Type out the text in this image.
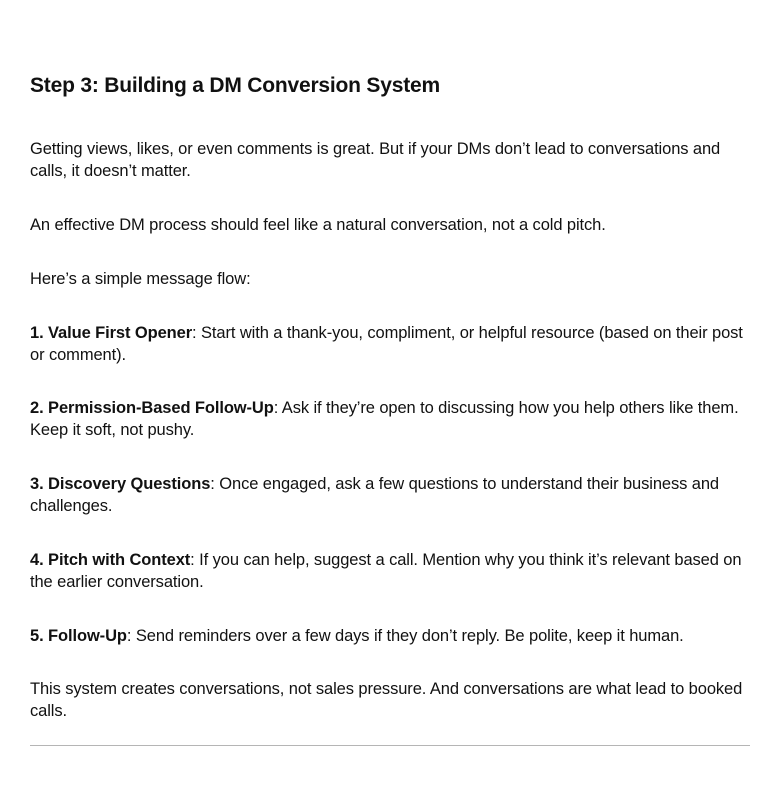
Step 3: Building a DM Conversion System

Getting views, likes, or even comments is great. But if your DMs don’t lead to conversations and calls, it doesn’t matter.

An effective DM process should feel like a natural conversation, not a cold pitch.

Here’s a simple message flow:

1. Value First Opener: Start with a thank-you, compliment, or helpful resource (based on their post or comment).

2. Permission-Based Follow-Up: Ask if they’re open to discussing how you help others like them. Keep it soft, not pushy.

3. Discovery Questions: Once engaged, ask a few questions to understand their business and challenges.

4. Pitch with Context: If you can help, suggest a call. Mention why you think it’s relevant based on the earlier conversation.

5. Follow-Up: Send reminders over a few days if they don’t reply. Be polite, keep it human.

This system creates conversations, not sales pressure. And conversations are what lead to booked calls.
